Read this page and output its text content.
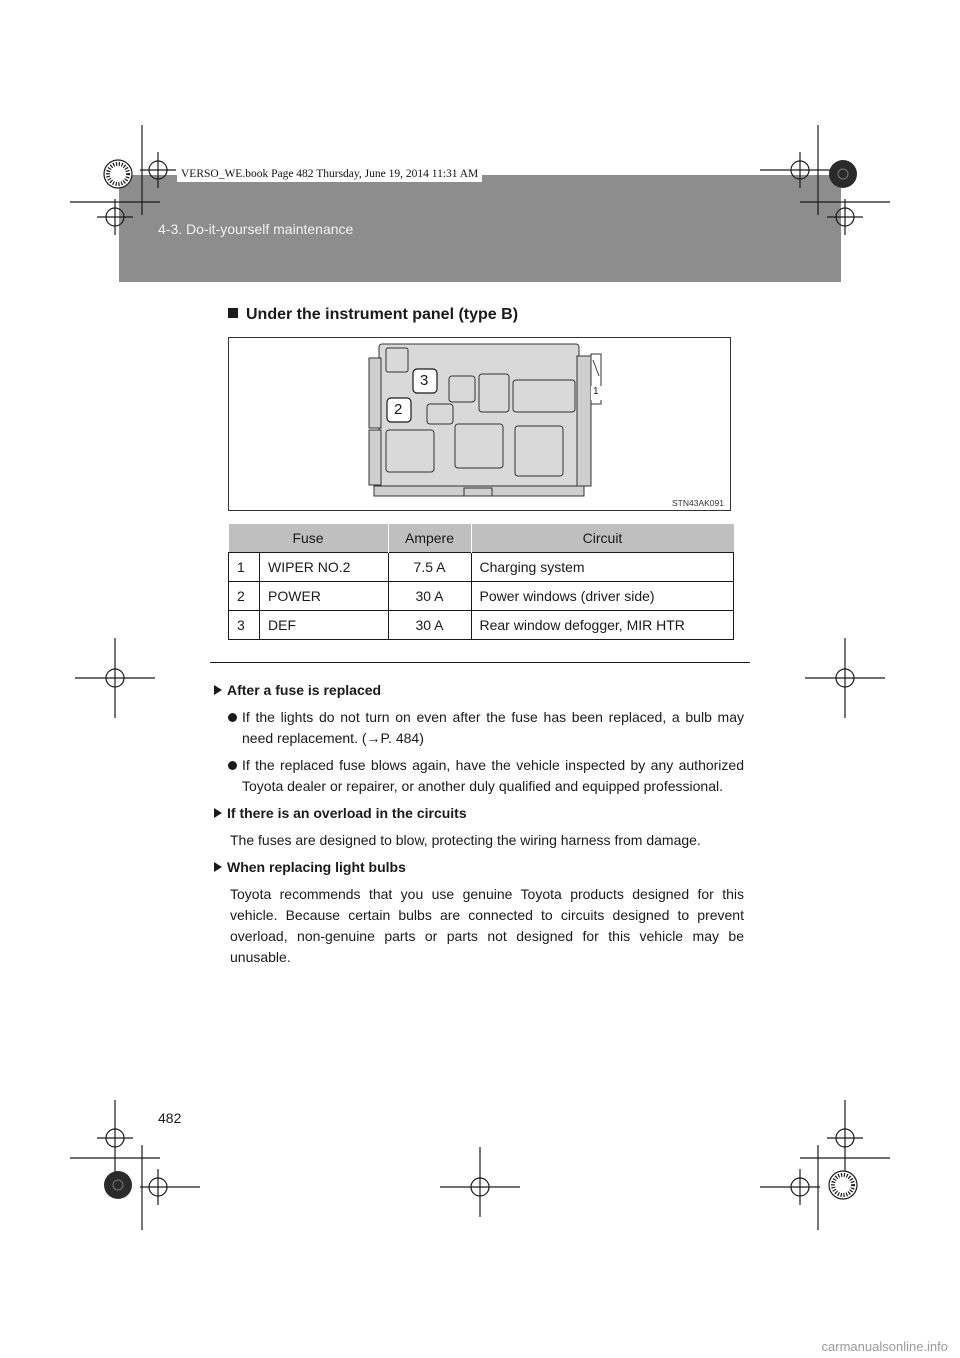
4-3. Do-it-yourself maintenance
VERSO_WE.book Page 482 Thursday, June 19, 2014 11:31 AM
Under the instrument panel (type B)
3
2
1
STN43AK091
Fuse		Ampere	Circuit
1	WIPER NO.2	7.5 A	Charging system
2	POWER	30 A	Power windows (driver side)
3	DEF	30 A	Rear window defogger, MIR HTR

After a fuse is replaced

If the lights do not turn on even after the fuse has been replaced, a bulb may need replacement. (→P. 484)

If the replaced fuse blows again, have the vehicle inspected by any authorized Toyota dealer or repairer, or another duly qualified and equipped professional.

If there is an overload in the circuits

The fuses are designed to blow, protecting the wiring harness from damage.

When replacing light bulbs

Toyota recommends that you use genuine Toyota products designed for this vehicle. Because certain bulbs are connected to circuits designed to prevent overload, non-genuine parts or parts not designed for this vehicle may be unusable.

482
carmanualsonline.info
